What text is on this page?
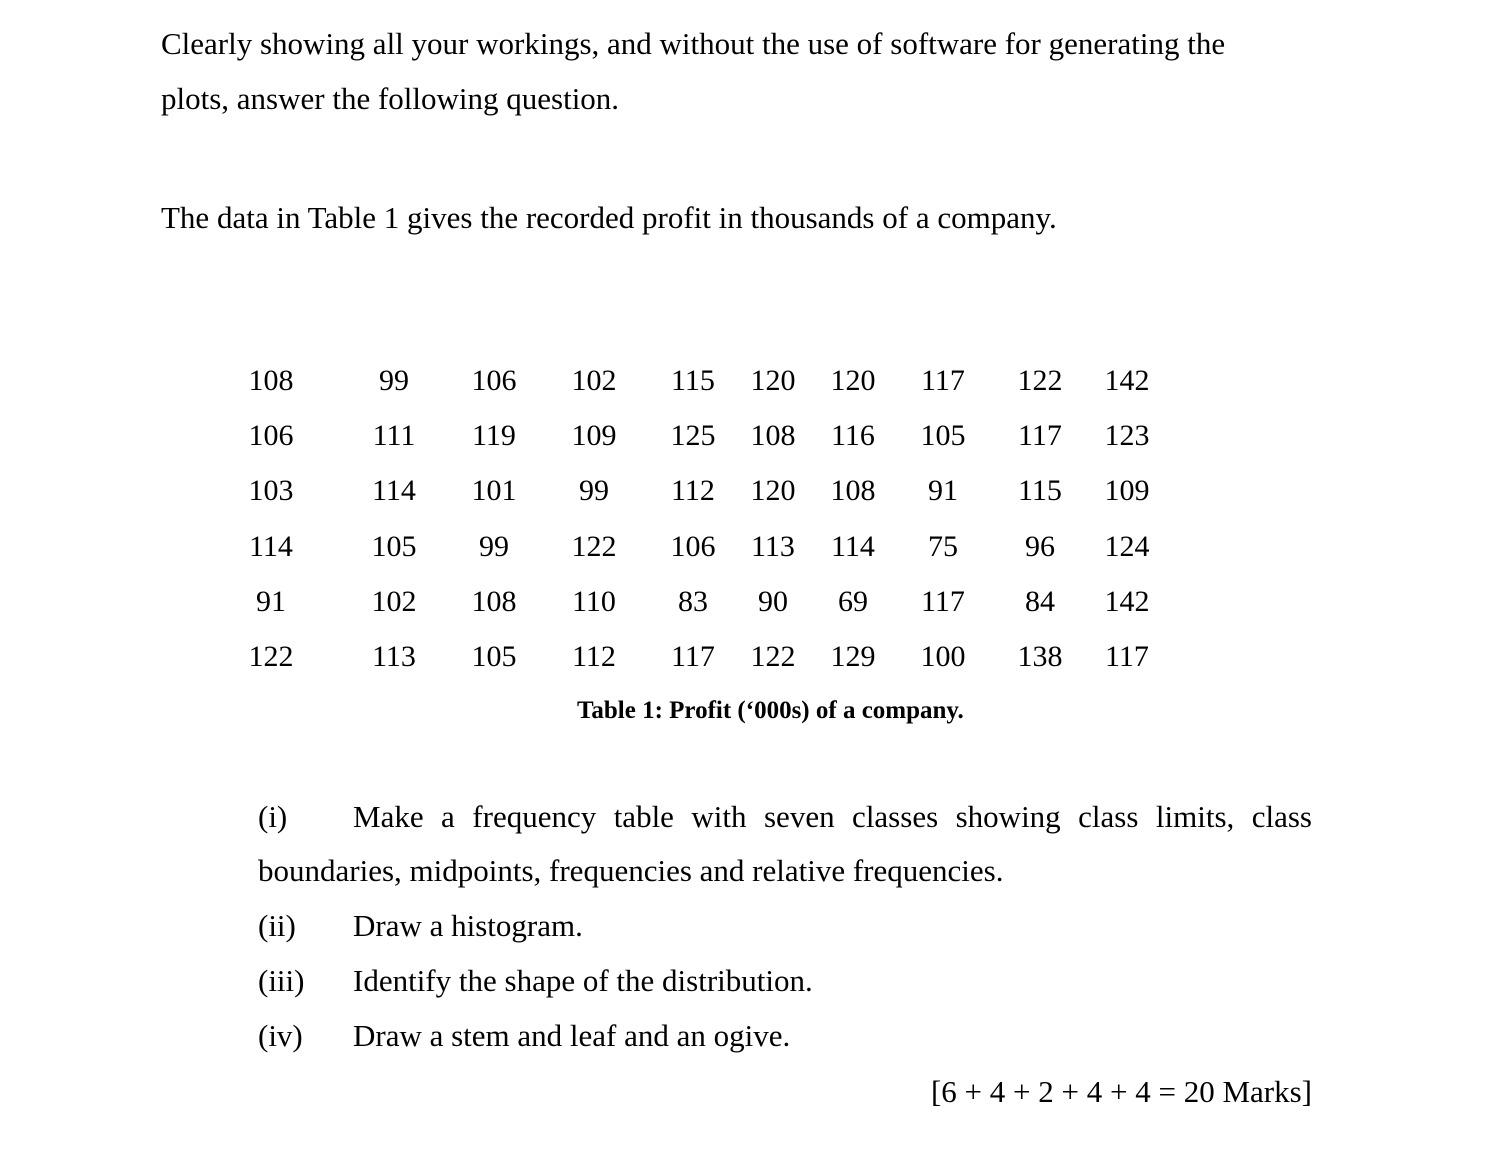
Clearly showing all your workings, and without the use of software for generating the
plots, answer the following question.
The data in Table 1 gives the recorded profit in thousands of a company.
108	99	106	102	115	120	120	117	122	142
106	111	119	109	125	108	116	105	117	123
103	114	101	99	112	120	108	91	115	109
114	105	99	122	106	113	114	75	96	124
91	102	108	110	83	90	69	117	84	142
122	113	105	112	117	122	129	100	138	117
Table 1: Profit (‘000s) of a company.
(i) Make a frequency table with seven classes showing class limits, class
boundaries, midpoints, frequencies and relative frequencies.
(ii) Draw a histogram.
(iii) Identify the shape of the distribution.
(iv) Draw a stem and leaf and an ogive.
[6 + 4 + 2 + 4 + 4 = 20 Marks]
